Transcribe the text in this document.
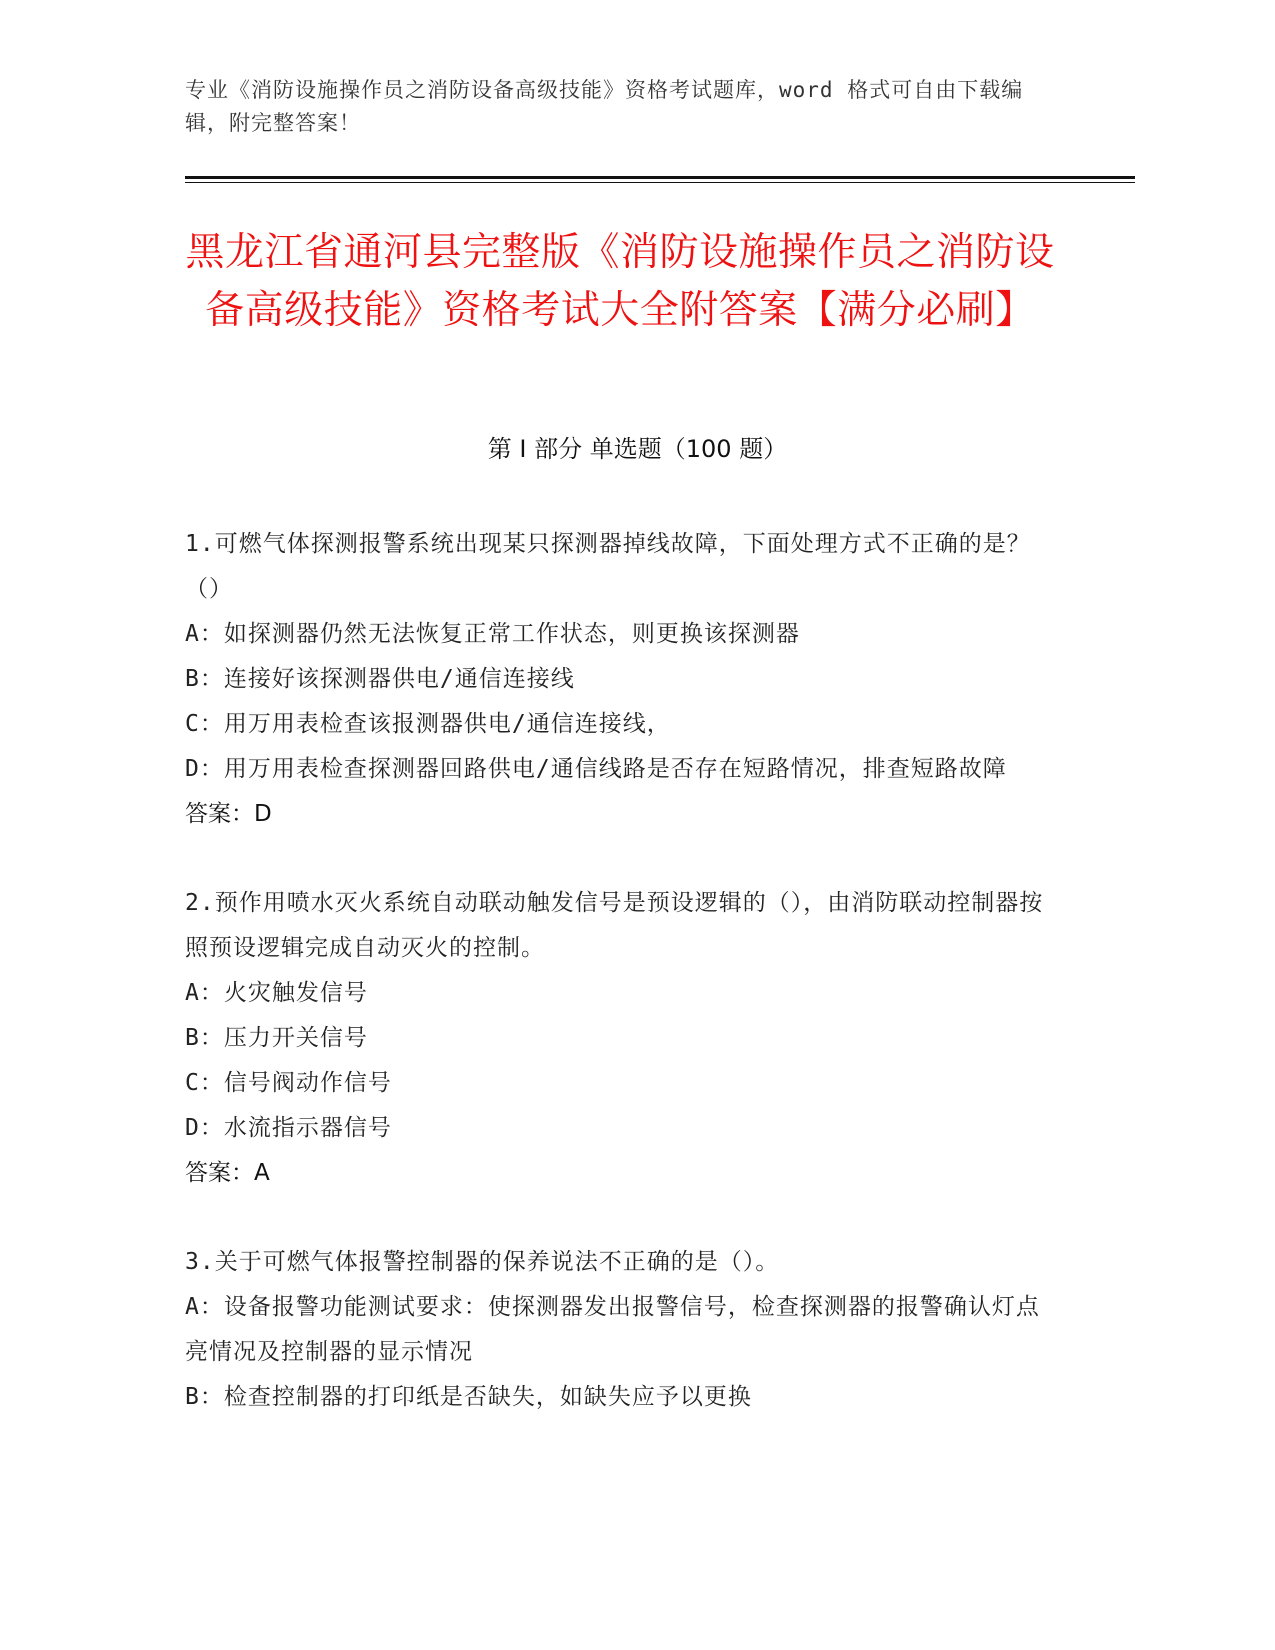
专业《消防设施操作员之消防设备高级技能》资格考试题库，word 格式可自由下载编辑，附完整答案！
黑龙江省通河县完整版《消防设施操作员之消防设备高级技能》资格考试大全附答案【满分必刷】
第 I 部分 单选题（100 题）
1.可燃气体探测报警系统出现某只探测器掉线故障，下面处理方式不正确的是？（）
A：如探测器仍然无法恢复正常工作状态，则更换该探测器
B：连接好该探测器供电/通信连接线
C：用万用表检查该报测器供电/通信连接线，
D：用万用表检查探测器回路供电/通信线路是否存在短路情况，排查短路故障
答案：D
2.预作用喷水灭火系统自动联动触发信号是预设逻辑的（），由消防联动控制器按照预设逻辑完成自动灭火的控制。
A：火灾触发信号
B：压力开关信号
C：信号阀动作信号
D：水流指示器信号
答案：A
3.关于可燃气体报警控制器的保养说法不正确的是（）。
A：设备报警功能测试要求：使探测器发出报警信号，检查探测器的报警确认灯点亮情况及控制器的显示情况
B：检查控制器的打印纸是否缺失，如缺失应予以更换
